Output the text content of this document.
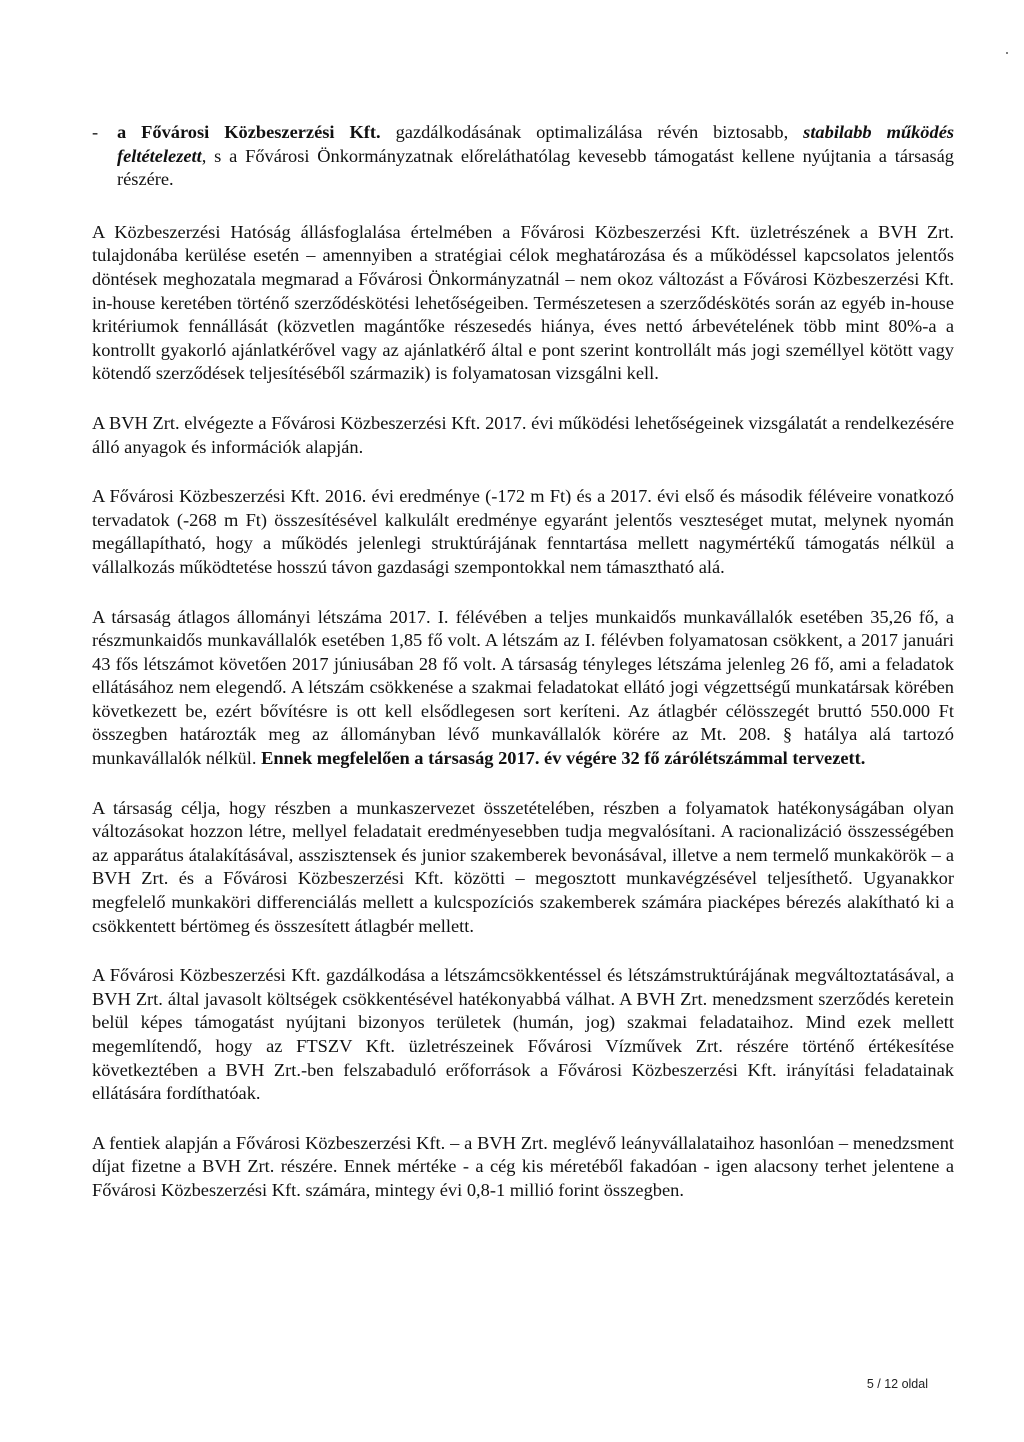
- a Fővárosi Közbeszerzési Kft. gazdálkodásának optimalizálása révén biztosabb, stabilabb működés feltételezett, s a Fővárosi Önkormányzatnak előreláthatólag kevesebb támogatást kellene nyújtania a társaság részére.

A Közbeszerzési Hatóság állásfoglalása értelmében a Fővárosi Közbeszerzési Kft. üzletrészének a BVH Zrt. tulajdonába kerülése esetén – amennyiben a stratégiai célok meghatározása és a működéssel kapcsolatos jelentős döntések meghozatala megmarad a Fővárosi Önkormányzatnál – nem okoz változást a Fővárosi Közbeszerzési Kft. in-house keretében történő szerződéskötési lehetőségeiben. Természetesen a szerződéskötés során az egyéb in-house kritériumok fennállását (közvetlen magántőke részesedés hiánya, éves nettó árbevételének több mint 80%-a a kontrollt gyakorló ajánlatkérővel vagy az ajánlatkérő által e pont szerint kontrollált más jogi személlyel kötött vagy kötendő szerződések teljesítéséből származik) is folyamatosan vizsgálni kell.

A BVH Zrt. elvégezte a Fővárosi Közbeszerzési Kft. 2017. évi működési lehetőségeinek vizsgálatát a rendelkezésére álló anyagok és információk alapján.

A Fővárosi Közbeszerzési Kft. 2016. évi eredménye (-172 m Ft) és a 2017. évi első és második féléveire vonatkozó tervadatok (-268 m Ft) összesítésével kalkulált eredménye egyaránt jelentős veszteséget mutat, melynek nyomán megállapítható, hogy a működés jelenlegi struktúrájának fenntartása mellett nagymértékű támogatás nélkül a vállalkozás működtetése hosszú távon gazdasági szempontokkal nem támasztható alá.

A társaság átlagos állományi létszáma 2017. I. félévében a teljes munkaidős munkavállalók esetében 35,26 fő, a részmunkaidős munkavállalók esetében 1,85 fő volt. A létszám az I. félévben folyamatosan csökkent, a 2017 januári 43 fős létszámot követően 2017 júniusában 28 fő volt. A társaság tényleges létszáma jelenleg 26 fő, ami a feladatok ellátásához nem elegendő. A létszám csökkenése a szakmai feladatokat ellátó jogi végzettségű munkatársak körében következett be, ezért bővítésre is ott kell elsődlegesen sort keríteni. Az átlagbér célösszegét bruttó 550.000 Ft összegben határozták meg az állományban lévő munkavállalók körére az Mt. 208. § hatálya alá tartozó munkavállalók nélkül. Ennek megfelelően a társaság 2017. év végére 32 fő zárólétszámmal tervezett.

A társaság célja, hogy részben a munkaszervezet összetételében, részben a folyamatok hatékonyságában olyan változásokat hozzon létre, mellyel feladatait eredményesebben tudja megvalósítani. A racionalizáció összességében az apparátus átalakításával, asszisztensek és junior szakemberek bevonásával, illetve a nem termelő munkakörök – a BVH Zrt. és a Fővárosi Közbeszerzési Kft. közötti – megosztott munkavégzésével teljesíthető. Ugyanakkor megfelelő munkaköri differenciálás mellett a kulcspozíciós szakemberek számára piacképes bérezés alakítható ki a csökkentett bértömeg és összesített átlagbér mellett.

A Fővárosi Közbeszerzési Kft. gazdálkodása a létszámcsökkentéssel és létszámstruktúrájának megváltoztatásával, a BVH Zrt. által javasolt költségek csökkentésével hatékonyabbá válhat. A BVH Zrt. menedzsment szerződés keretein belül képes támogatást nyújtani bizonyos területek (humán, jog) szakmai feladataihoz. Mind ezek mellett megemlítendő, hogy az FTSZV Kft. üzletrészeinek Fővárosi Vízművek Zrt. részére történő értékesítése következtében a BVH Zrt.-ben felszabaduló erőforrások a Fővárosi Közbeszerzési Kft. irányítási feladatainak ellátására fordíthatóak.

A fentiek alapján a Fővárosi Közbeszerzési Kft. – a BVH Zrt. meglévő leányvállalataihoz hasonlóan – menedzsment díjat fizetne a BVH Zrt. részére. Ennek mértéke - a cég kis méretéből fakadóan - igen alacsony terhet jelentene a Fővárosi Közbeszerzési Kft. számára, mintegy évi 0,8-1 millió forint összegben.

5 / 12 oldal
